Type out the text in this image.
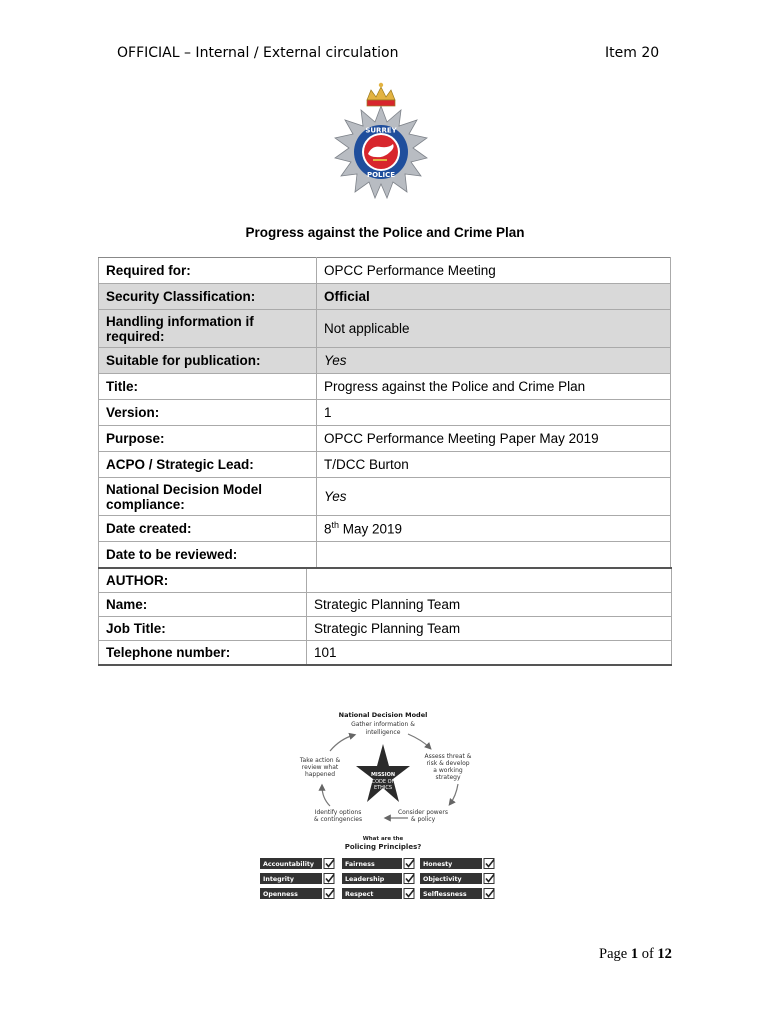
OFFICIAL – Internal / External circulation	Item 20
SURREY
POLICE
Progress against the Police and Crime Plan
Required for:	OPCC Performance Meeting
Security Classification:	Official
Handling information if required:	Not applicable
Suitable for publication:	Yes
Title:	Progress against the Police and Crime Plan
Version:	1
Purpose:	OPCC Performance Meeting Paper May 2019
ACPO / Strategic Lead:	T/DCC Burton
National Decision Model compliance:	Yes
Date created:	8th May 2019
Date to be reviewed:	
AUTHOR:	
Name:	Strategic Planning Team
Job Title:	Strategic Planning Team
Telephone number:	101
National Decision Model
Gather information &
intelligence
Assess threat &
risk & develop
a working
strategy
Take action &
review what
happened
Identify options
& contingencies
Consider powers
& policy
MISSION
CODE OF
ETHICS
What are the
Policing Principles?
Accountability	Fairness	Honesty
Integrity	Leadership	Objectivity
Openness	Respect	Selflessness
Page 1 of 12
